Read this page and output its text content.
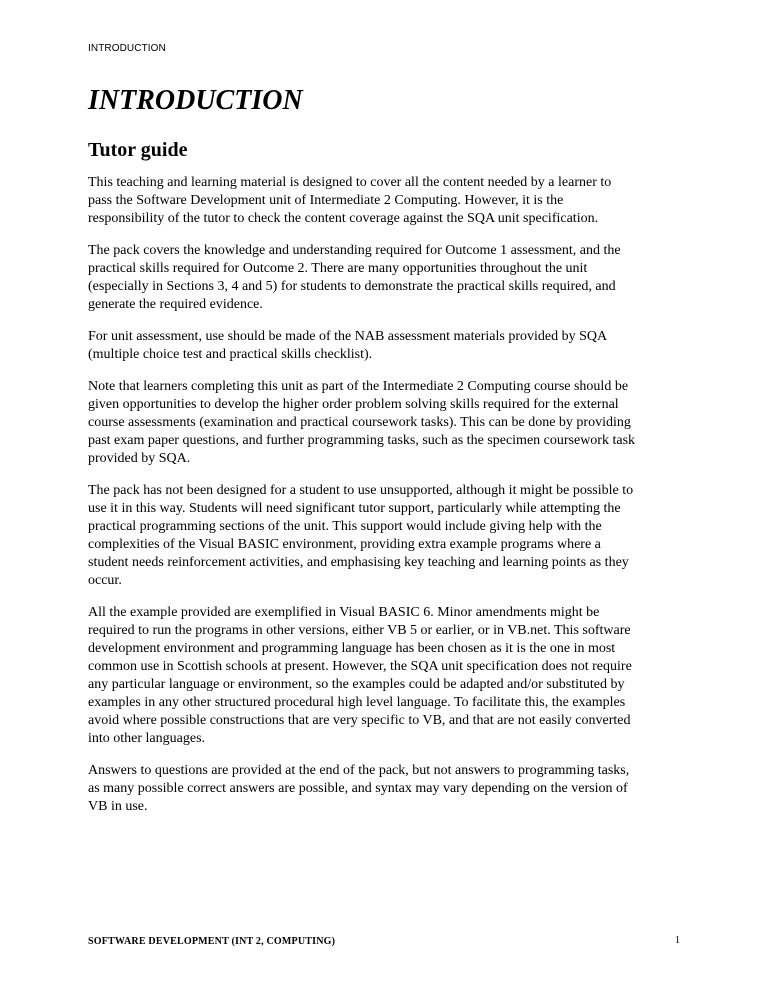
INTRODUCTION
INTRODUCTION
Tutor guide

This teaching and learning material is designed to cover all the content needed by a learner to
pass the Software Development unit of Intermediate 2 Computing. However, it is the
responsibility of the tutor to check the content coverage against the SQA unit specification.

The pack covers the knowledge and understanding required for Outcome 1 assessment, and the
practical skills required for Outcome 2. There are many opportunities throughout the unit
(especially in Sections 3, 4 and 5) for students to demonstrate the practical skills required, and
generate the required evidence.

For unit assessment, use should be made of the NAB assessment materials provided by SQA
(multiple choice test and practical skills checklist).

Note that learners completing this unit as part of the Intermediate 2 Computing course should be
given opportunities to develop the higher order problem solving skills required for the external
course assessments (examination and practical coursework tasks). This can be done by providing
past exam paper questions, and further programming tasks, such as the specimen coursework task
provided by SQA.

The pack has not been designed for a student to use unsupported, although it might be possible to
use it in this way. Students will need significant tutor support, particularly while attempting the
practical programming sections of the unit. This support would include giving help with the
complexities of the Visual BASIC environment, providing extra example programs where a
student needs reinforcement activities, and emphasising key teaching and learning points as they
occur.

All the example provided are exemplified in Visual BASIC 6. Minor amendments might be
required to run the programs in other versions, either VB 5 or earlier, or in VB.net. This software
development environment and programming language has been chosen as it is the one in most
common use in Scottish schools at present. However, the SQA unit specification does not require
any particular language or environment, so the examples could be adapted and/or substituted by
examples in any other structured procedural high level language. To facilitate this, the examples
avoid where possible constructions that are very specific to VB, and that are not easily converted
into other languages.

Answers to questions are provided at the end of the pack, but not answers to programming tasks,
as many possible correct answers are possible, and syntax may vary depending on the version of
VB in use.

SOFTWARE DEVELOPMENT (INT 2, COMPUTING)	1
